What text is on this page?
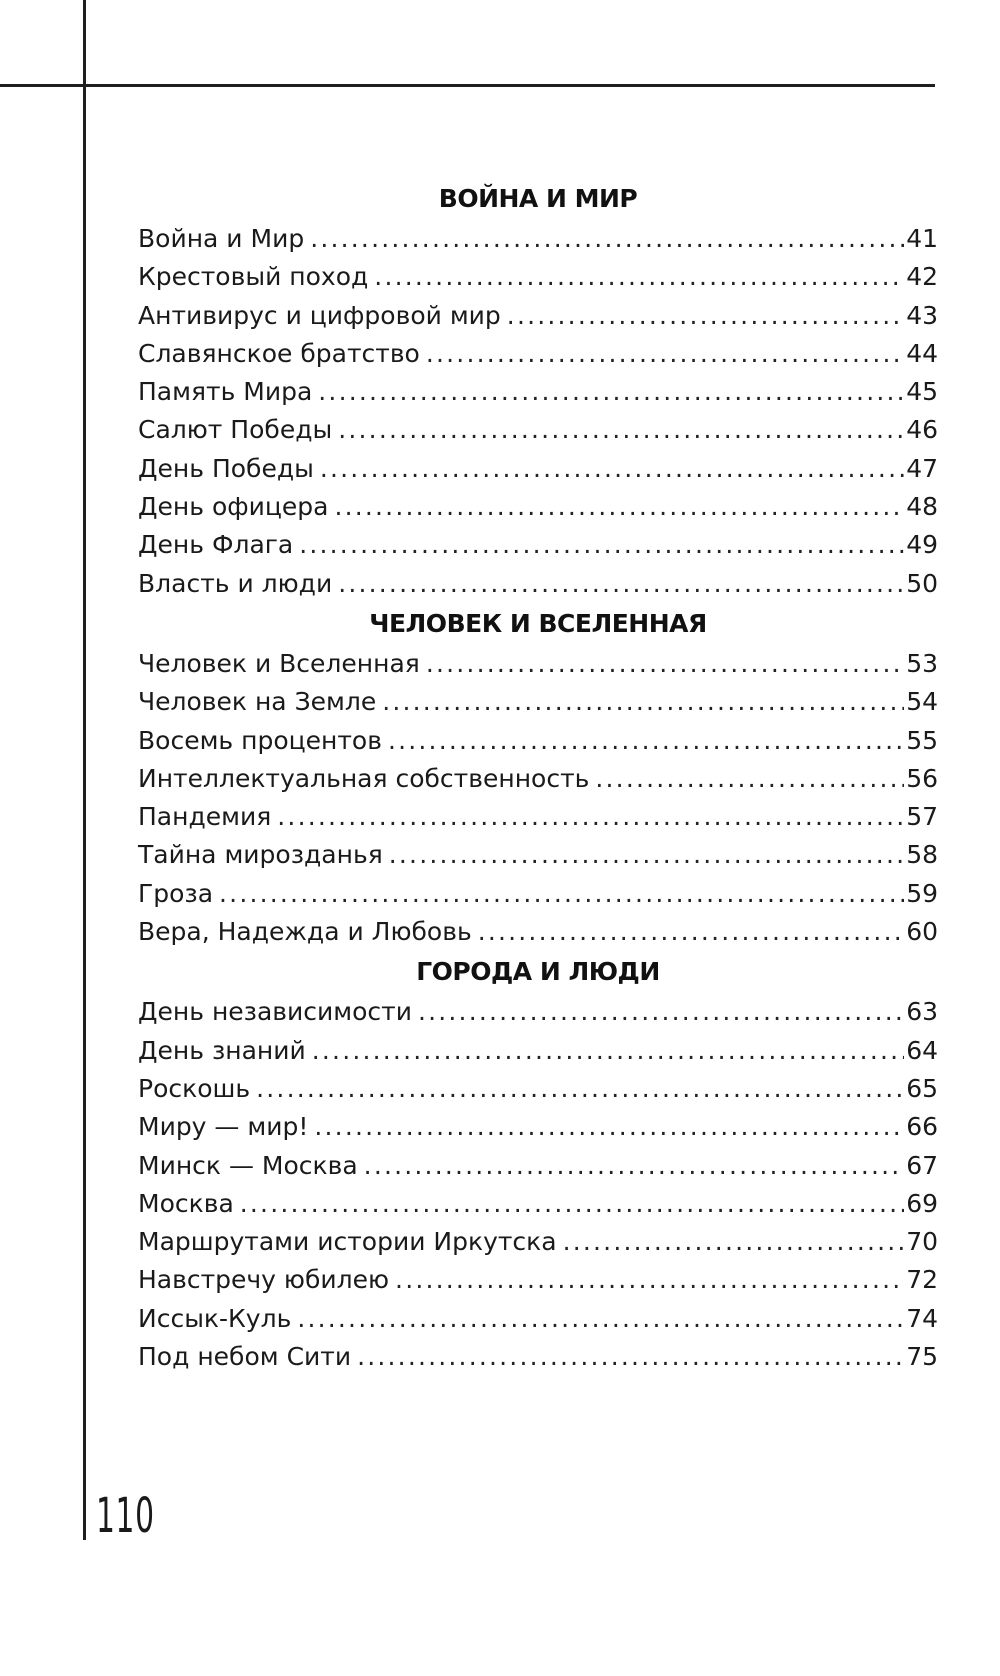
ВОЙНА И МИР
Война и Мир .....	41
Крестовый поход .....	42
Антивирус и цифровой мир .....	43
Славянское братство .....	44
Память Мира .....	45
Салют Победы .....	46
День Победы .....	47
День офицера .....	48
День Флага .....	49
Власть и люди .....	50
ЧЕЛОВЕК И ВСЕЛЕННАЯ
Человек и Вселенная .....	53
Человек на Земле .....	54
Восемь процентов .....	55
Интеллектуальная собственность .....	56
Пандемия .....	57
Тайна мирозданья .....	58
Гроза .....	59
Вера, Надежда и Любовь .....	60
ГОРОДА И ЛЮДИ
День независимости .....	63
День знаний .....	64
Роскошь .....	65
Миру — мир! .....	66
Минск — Москва .....	67
Москва .....	69
Маршрутами истории Иркутска .....	70
Навстречу юбилею .....	72
Иссык-Куль .....	74
Под небом Сити .....	75
110
